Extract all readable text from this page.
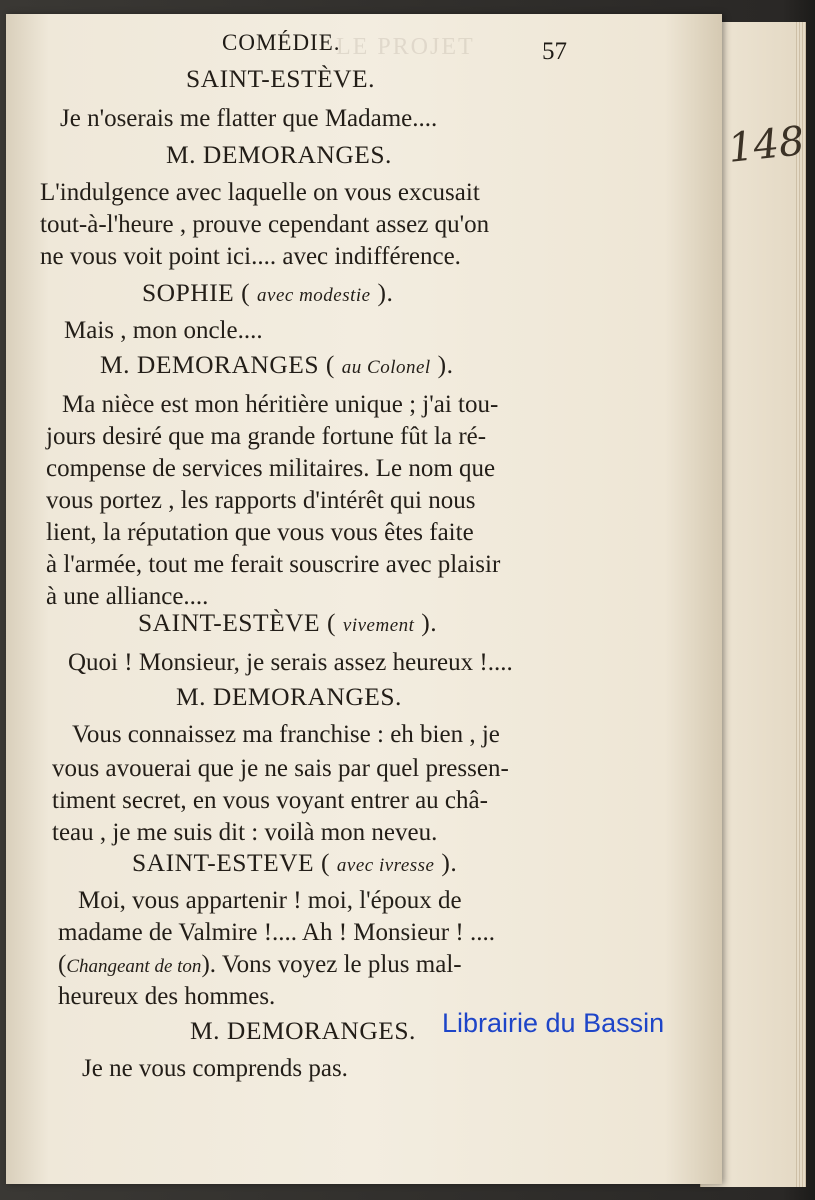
148
LE PROJET
COMÉDIE.	57
SAINT-ESTÈVE.
Je n'oserais me flatter que Madame....
M. DEMORANGES.
L'indulgence avec laquelle on vous excusait
tout-à-l'heure , prouve cependant assez qu'on
ne vous voit point ici.... avec indifférence.
SOPHIE ( avec modestie ).
Mais , mon oncle....
M. DEMORANGES ( au Colonel ).
Ma nièce est mon héritière unique ; j'ai tou-
jours desiré que ma grande fortune fût la ré-
compense de services militaires. Le nom que
vous portez , les rapports d'intérêt qui nous
lient, la réputation que vous vous êtes faite
à l'armée, tout me ferait souscrire avec plaisir
à une alliance....
SAINT-ESTÈVE ( vivement ).
Quoi ! Monsieur, je serais assez heureux !....
M. DEMORANGES.
Vous connaissez ma franchise : eh bien , je
vous avouerai que je ne sais par quel pressen-
timent secret, en vous voyant entrer au châ-
teau , je me suis dit : voilà mon neveu.
SAINT-ESTEVE ( avec ivresse ).
Moi, vous appartenir ! moi, l'époux de
madame de Valmire !.... Ah ! Monsieur ! ....
(Changeant de ton). Vons voyez le plus mal-
heureux des hommes.
M. DEMORANGES.
Je ne vous comprends pas.
Librairie du Bassin
